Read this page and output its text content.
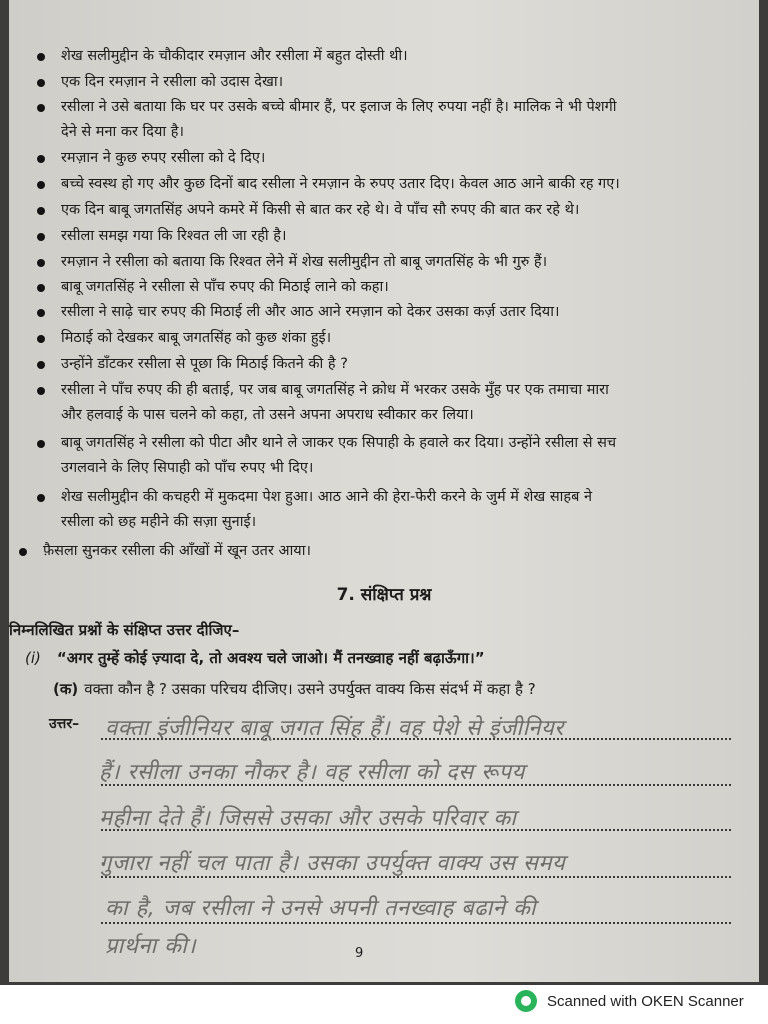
शेख सलीमुद्दीन के चौकीदार रमज़ान और रसीला में बहुत दोस्ती थी।
एक दिन रमज़ान ने रसीला को उदास देखा।
रसीला ने उसे बताया कि घर पर उसके बच्चे बीमार हैं, पर इलाज के लिए रुपया नहीं है। मालिक ने भी पेशगी
देने से मना कर दिया है।
रमज़ान ने कुछ रुपए रसीला को दे दिए।
बच्चे स्वस्थ हो गए और कुछ दिनों बाद रसीला ने रमज़ान के रुपए उतार दिए। केवल आठ आने बाकी रह गए।
एक दिन बाबू जगतसिंह अपने कमरे में किसी से बात कर रहे थे। वे पाँच सौ रुपए की बात कर रहे थे।
रसीला समझ गया कि रिश्वत ली जा रही है।
रमज़ान ने रसीला को बताया कि रिश्वत लेने में शेख सलीमुद्दीन तो बाबू जगतसिंह के भी गुरु हैं।
बाबू जगतसिंह ने रसीला से पाँच रुपए की मिठाई लाने को कहा।
रसीला ने साढ़े चार रुपए की मिठाई ली और आठ आने रमज़ान को देकर उसका कर्ज़ उतार दिया।
मिठाई को देखकर बाबू जगतसिंह को कुछ शंका हुई।
उन्होंने डाँटकर रसीला से पूछा कि मिठाई कितने की है ?
रसीला ने पाँच रुपए की ही बताई, पर जब बाबू जगतसिंह ने क्रोध में भरकर उसके मुँह पर एक तमाचा मारा
और हलवाई के पास चलने को कहा, तो उसने अपना अपराध स्वीकार कर लिया।
बाबू जगतसिंह ने रसीला को पीटा और थाने ले जाकर एक सिपाही के हवाले कर दिया। उन्होंने रसीला से सच
उगलवाने के लिए सिपाही को पाँच रुपए भी दिए।
शेख सलीमुद्दीन की कचहरी में मुकदमा पेश हुआ। आठ आने की हेरा-फेरी करने के जुर्म में शेख साहब ने
रसीला को छह महीने की सज़ा सुनाई।
फ़ैसला सुनकर रसीला की आँखों में खून उतर आया।
7. संक्षिप्त प्रश्न
निम्नलिखित प्रश्नों के संक्षिप्त उत्तर दीजिए–
(i) “अगर तुम्हें कोई ज़्यादा दे, तो अवश्य चले जाओ। मैं तनख्वाह नहीं बढ़ाऊँगा।”
(क) वक्ता कौन है ? उसका परिचय दीजिए। उसने उपर्युक्त वाक्य किस संदर्भ में कहा है ?
उत्तर– वक्ता इंजीनियर बाबू जगत सिंह हैं। वह पेशे से इंजीनियर
हैं। रसीला उनका नौकर है। वह रसीला को दस रूपय
महीना देते हैं। जिससे उसका और उसके परिवार का
गुजारा नहीं चल पाता है। उसका उपर्युक्त वाक्य उस समय
का है, जब रसीला ने उनसे अपनी तनख्वाह बढाने की
प्रार्थना की।	9
Scanned with OKEN Scanner
